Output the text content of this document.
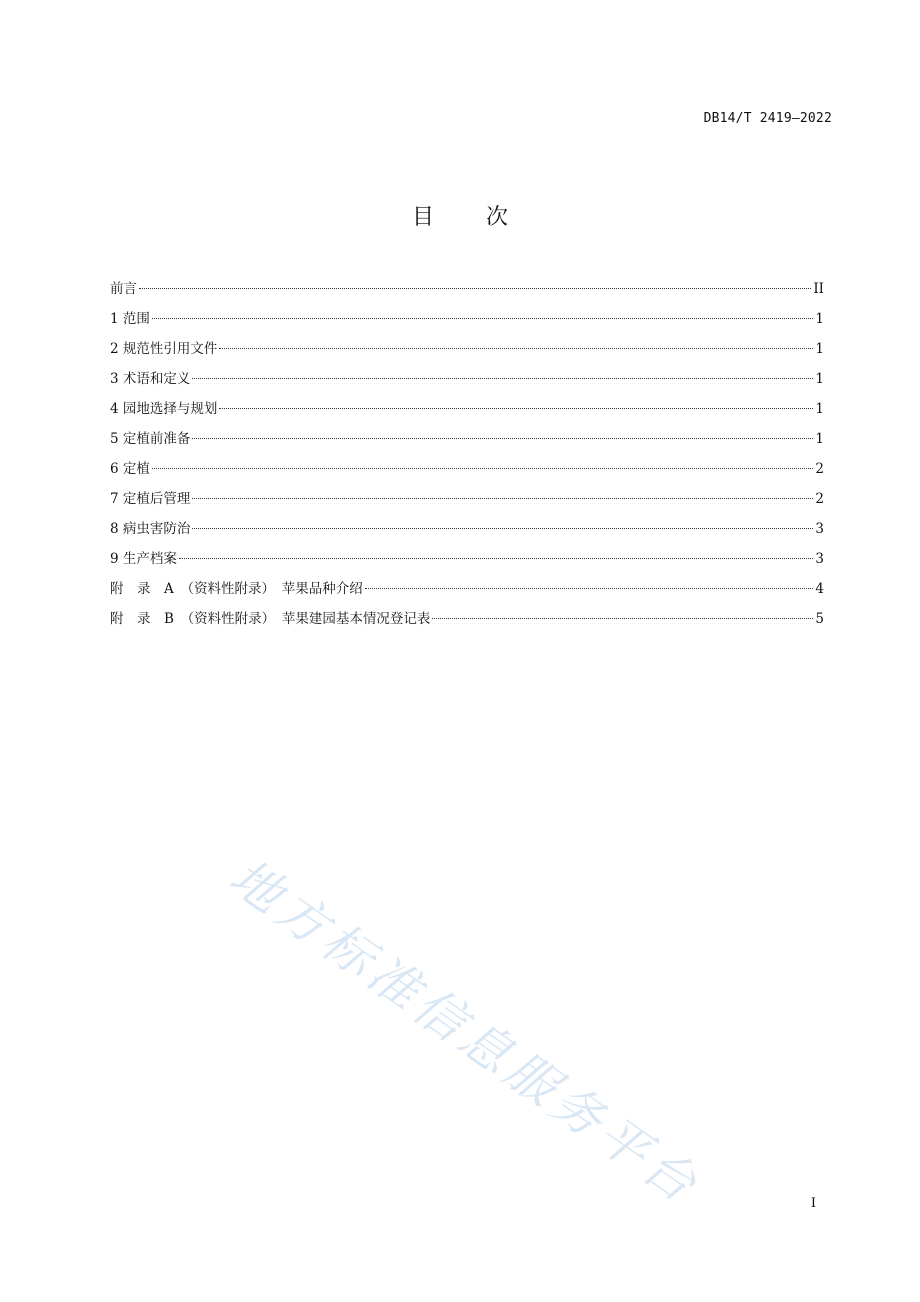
DB14/T 2419—2022
目次
前言	II
1 范围	1
2 规范性引用文件	1
3 术语和定义	1
4 园地选择与规划	1
5 定植前准备	1
6 定植	2
7 定植后管理	2
8 病虫害防治	3
9 生产档案	3
附　录　A　（资料性附录）　苹果品种介绍	4
附　录　B　（资料性附录）　苹果建园基本情况登记表	5
地方标准信息服务平台	I
